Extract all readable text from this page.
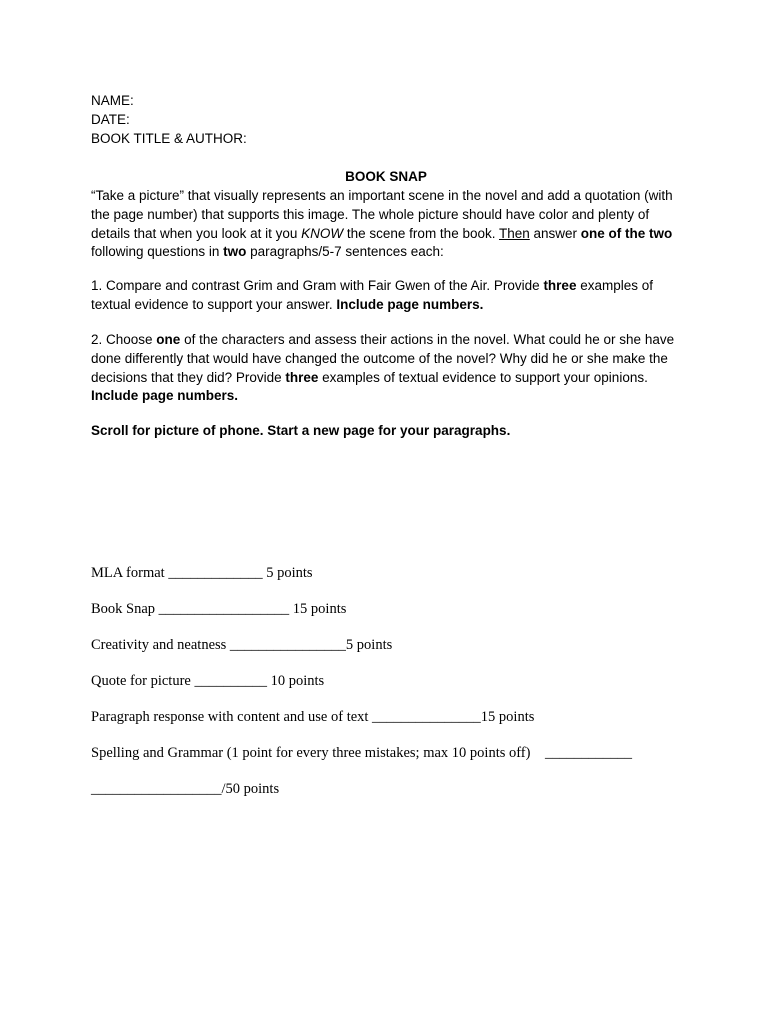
NAME:
DATE:
BOOK TITLE & AUTHOR:
BOOK SNAP

“Take a picture” that visually represents an important scene in the novel and add a quotation (with the page number) that supports this image. The whole picture should have color and plenty of details that when you look at it you KNOW the scene from the book. Then answer one of the two following questions in two paragraphs/5-7 sentences each:

1. Compare and contrast Grim and Gram with Fair Gwen of the Air. Provide three examples of textual evidence to support your answer. Include page numbers.

2. Choose one of the characters and assess their actions in the novel. What could he or she have done differently that would have changed the outcome of the novel? Why did he or she make the decisions that they did? Provide three examples of textual evidence to support your opinions. Include page numbers.

Scroll for picture of phone. Start a new page for your paragraphs.

MLA format _____________ 5 points
Book Snap __________________ 15 points
Creativity and neatness ________________5 points
Quote for picture __________ 10 points
Paragraph response with content and use of text _______________15 points
Spelling and Grammar (1 point for every three mistakes; max 10 points off)    ____________
__________________/50 points
